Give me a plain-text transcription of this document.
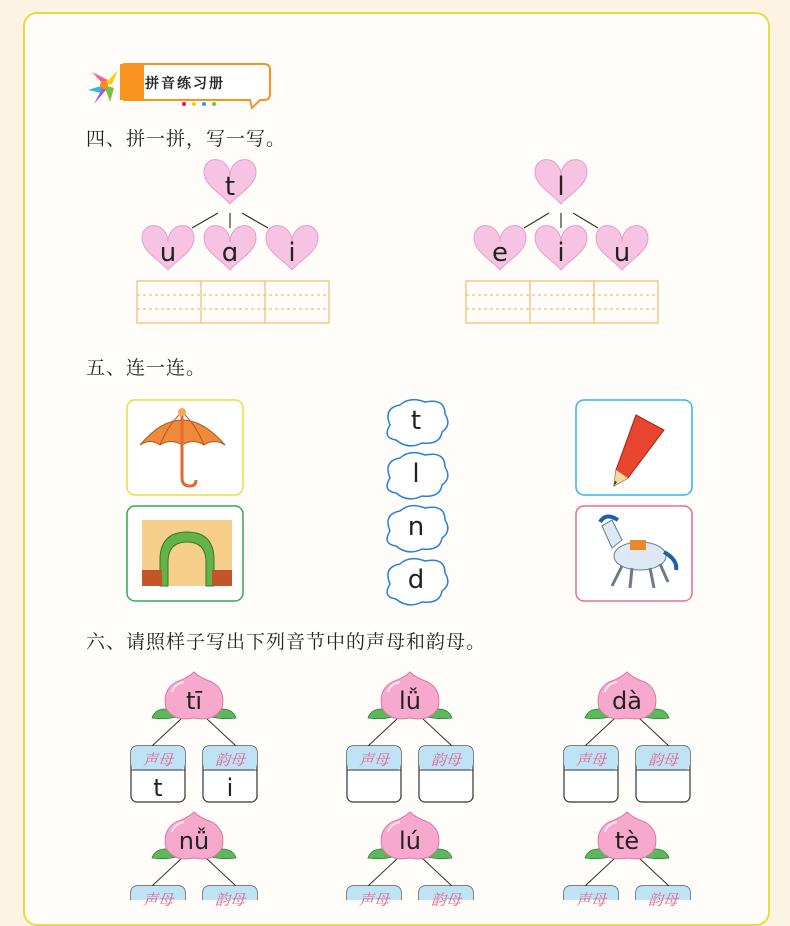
拼音练习册
四、拼一拼，写一写。
t
u	ɑ	i
l
e	i	u
五、连一连。
t
l
n
d
六、请照样子写出下列音节中的声母和韵母。
tī	lǚ	dà
nǚ	lú	tè
声母	韵母	声母	韵母	声母	韵母
声母	韵母	声母	韵母	声母	韵母
t	i
